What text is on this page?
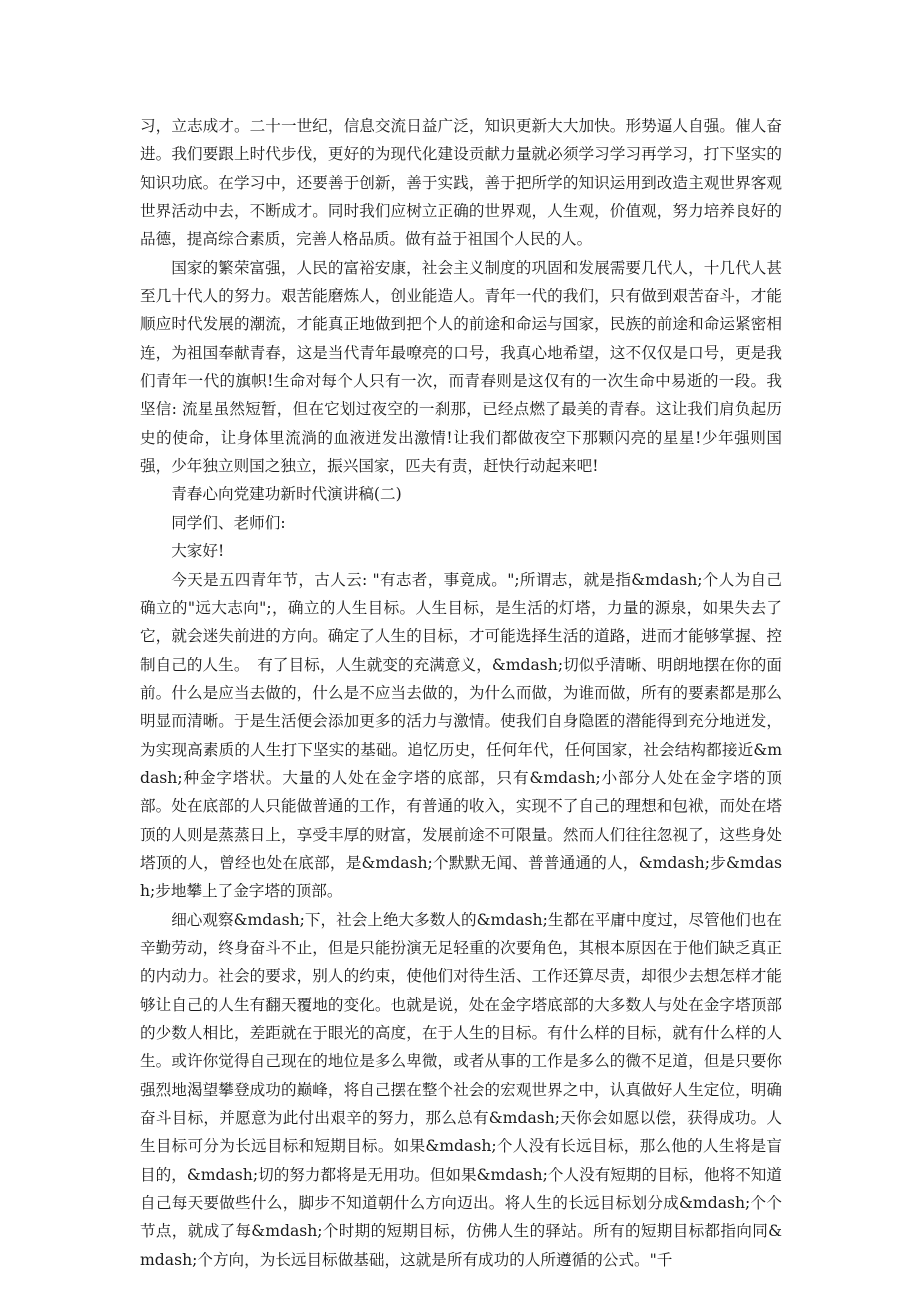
习，立志成才。二十一世纪，信息交流日益广泛，知识更新大大加快。形势逼人自强。催人奋进。我们要跟上时代步伐，更好的为现代化建设贡献力量就必须学习学习再学习，打下坚实的知识功底。在学习中，还要善于创新，善于实践，善于把所学的知识运用到改造主观世界客观世界活动中去，不断成才。同时我们应树立正确的世界观，人生观，价值观，努力培养良好的品德，提高综合素质，完善人格品质。做有益于祖国个人民的人。

国家的繁荣富强，人民的富裕安康，社会主义制度的巩固和发展需要几代人，十几代人甚至几十代人的努力。艰苦能磨炼人，创业能造人。青年一代的我们，只有做到艰苦奋斗，才能顺应时代发展的潮流，才能真正地做到把个人的前途和命运与国家，民族的前途和命运紧密相连，为祖国奉献青春，这是当代青年最嘹亮的口号，我真心地希望，这不仅仅是口号，更是我们青年一代的旗帜!生命对每个人只有一次，而青春则是这仅有的一次生命中易逝的一段。我坚信: 流星虽然短暂，但在它划过夜空的一刹那，已经点燃了最美的青春。这让我们肩负起历史的使命，让身体里流淌的血液迸发出激情!让我们都做夜空下那颗闪亮的星星!少年强则国强，少年独立则国之独立，振兴国家，匹夫有责，赶快行动起来吧!

青春心向党建功新时代演讲稿(二)

同学们、老师们:

大家好!

今天是五四青年节，古人云: "有志者，事竟成。";所谓志，就是指&mdash;个人为自己确立的"远大志向";，确立的人生目标。人生目标，是生活的灯塔，力量的源泉，如果失去了它，就会迷失前进的方向。确定了人生的目标，才可能选择生活的道路，进而才能够掌握、控制自己的人生。　有了目标，人生就变的充满意义，&mdash;切似乎清晰、明朗地摆在你的面前。什么是应当去做的，什么是不应当去做的，为什么而做，为谁而做，所有的要素都是那么明显而清晰。于是生活便会添加更多的活力与激情。使我们自身隐匿的潜能得到充分地迸发，为实现高素质的人生打下坚实的基础。追忆历史，任何年代，任何国家，社会结构都接近&mdash;种金字塔状。大量的人处在金字塔的底部，只有&mdash;小部分人处在金字塔的顶部。处在底部的人只能做普通的工作，有普通的收入，实现不了自己的理想和包袱，而处在塔顶的人则是蒸蒸日上，享受丰厚的财富，发展前途不可限量。然而人们往往忽视了，这些身处塔顶的人，曾经也处在底部，是&mdash;个默默无闻、普普通通的人，&mdash;步&mdash;步地攀上了金字塔的顶部。

细心观察&mdash;下，社会上绝大多数人的&mdash;生都在平庸中度过，尽管他们也在辛勤劳动，终身奋斗不止，但是只能扮演无足轻重的次要角色，其根本原因在于他们缺乏真正的内动力。社会的要求，别人的约束，使他们对待生活、工作还算尽责，却很少去想怎样才能够让自己的人生有翻天覆地的变化。也就是说，处在金字塔底部的大多数人与处在金字塔顶部的少数人相比，差距就在于眼光的高度，在于人生的目标。有什么样的目标，就有什么样的人生。或许你觉得自己现在的地位是多么卑微，或者从事的工作是多么的微不足道，但是只要你强烈地渴望攀登成功的巅峰，将自己摆在整个社会的宏观世界之中，认真做好人生定位，明确奋斗目标，并愿意为此付出艰辛的努力，那么总有&mdash;天你会如愿以偿，获得成功。人生目标可分为长远目标和短期目标。如果&mdash;个人没有长远目标，那么他的人生将是盲目的，&mdash;切的努力都将是无用功。但如果&mdash;个人没有短期的目标，他将不知道自己每天要做些什么，脚步不知道朝什么方向迈出。将人生的长远目标划分成&mdash;个个节点，就成了每&mdash;个时期的短期目标，仿佛人生的驿站。所有的短期目标都指向同&mdash;个方向，为长远目标做基础，这就是所有成功的人所遵循的公式。"千
